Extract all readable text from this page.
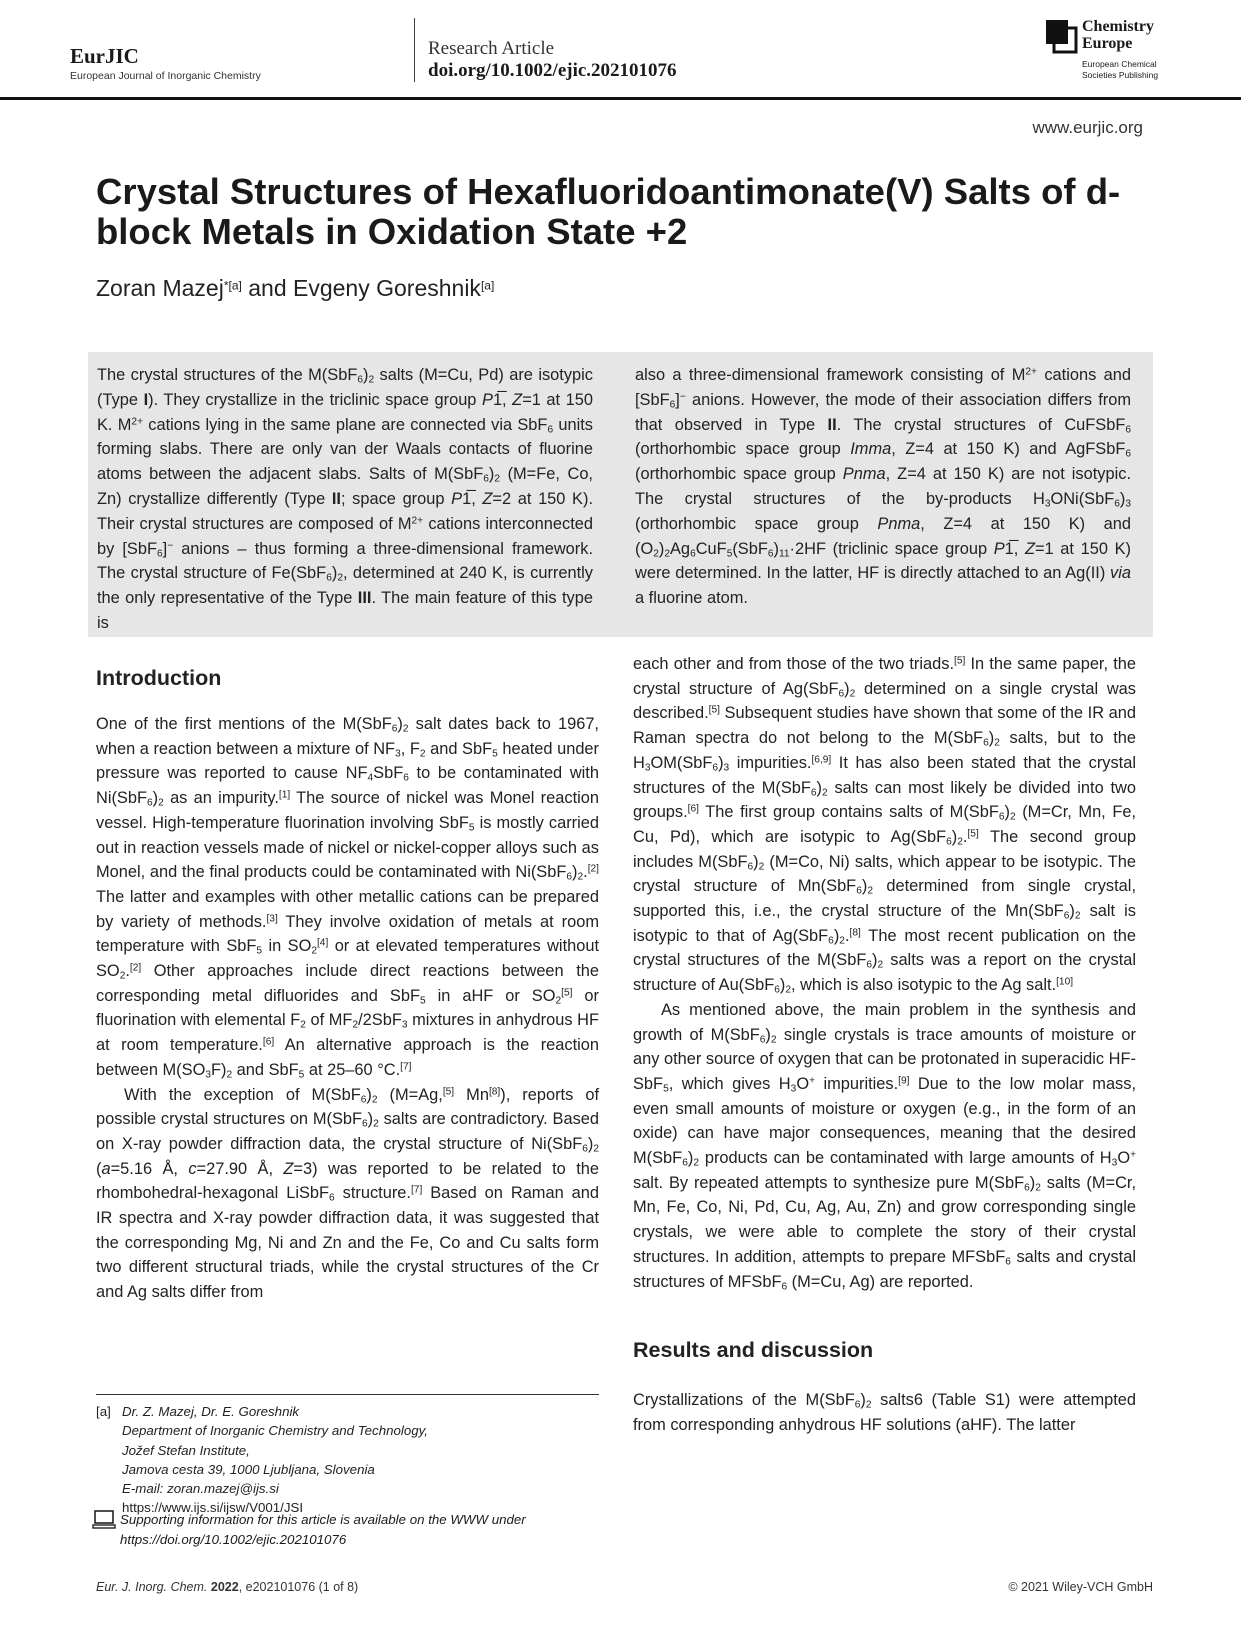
EurJIC
European Journal of Inorganic Chemistry
Research Article
doi.org/10.1002/ejic.202101076
Chemistry
Europe
European Chemical
Societies Publishing
www.eurjic.org
Crystal Structures of Hexafluoridoantimonate(V) Salts of d-block Metals in Oxidation State +2
Zoran Mazej$^{*[a]}$ and Evgeny Goreshnik[a]
The crystal structures of the $M(SbF_6)_2$ salts (M=Cu, Pd) are isotypic (Type I). They crystallize in the triclinic space group P1̅, Z=1 at 150 K. $M^{2+}$ cations lying in the same plane are connected via SbF$_6$ units forming slabs. There are only van der Waals contacts of fluorine atoms between the adjacent slabs. Salts of $M(SbF_6)_2$ (M=Fe, Co, Zn) crystallize differently (Type II; space group P1̅, Z=2 at 150 K). Their crystal structures are composed of $M^{2+}$ cations interconnected by [SbF$_6$]− anions – thus forming a three-dimensional framework. The crystal structure of $Fe(SbF_6)_2$, determined at 240 K, is currently the only representative of the Type III. The main feature of this type is
also a three-dimensional framework consisting of $M^{2+}$ cations and [SbF$_6$]− anions. However, the mode of their association differs from that observed in Type II. The crystal structures of CuFSbF$_6$ (orthorhombic space group Imma, Z=4 at 150 K) and AgFSbF$_6$ (orthorhombic space group Pnma, Z=4 at 150 K) are not isotypic. The crystal structures of the by-products $H_3ONi(SbF_6)_3$ (orthorhombic space group Pnma, Z=4 at 150 K) and $(O_2)_2Ag_6CuF_5(SbF_6)_{11}\cdot 2HF$ (triclinic space group P1̅, Z=1 at 150 K) were determined. In the latter, HF is directly attached to an Ag(II) via a fluorine atom.

Introduction

One of the first mentions of the $M(SbF_6)_2$ salt dates back to 1967, when a reaction between a mixture of $NF_3$, $F_2$ and SbF$_5$ heated under pressure was reported to cause $NF_4SbF_6$ to be contaminated with $Ni(SbF_6)_2$ as an impurity.[1] The source of nickel was Monel reaction vessel. High-temperature fluorination involving SbF$_5$ is mostly carried out in reaction vessels made of nickel or nickel-copper alloys such as Monel, and the final products could be contaminated with $Ni(SbF_6)_2.[2]$ The latter and examples with other metallic cations can be prepared by variety of methods.[3] They involve oxidation of metals at room temperature with SbF$_5$ in $SO_2[4]$ or at elevated temperatures without $SO_2.[2]$ Other approaches include direct reactions between the corresponding metal difluorides and SbF$_5$ in aHF or $SO_2[5]$ or fluorination with elemental $F_2$ of $MF_2/2SbF_3$ mixtures in anhydrous HF at room temperature.[6] An alternative approach is the reaction between $M(SO_3F)_2$ and SbF$_5$ at 25–60 °C.[7]

With the exception of $M(SbF_6)_2$ (M=Ag,[5] Mn[8]), reports of possible crystal structures on $M(SbF_6)_2$ salts are contradictory. Based on X-ray powder diffraction data, the crystal structure of $Ni(SbF_6)_2$ (a=5.16 Å, c=27.90 Å, Z=3) was reported to be related to the rhombohedral-hexagonal LiSbF$_6$ structure.[7] Based on Raman and IR spectra and X-ray powder diffraction data, it was suggested that the corresponding Mg, Ni and Zn and the Fe, Co and Cu salts form two different structural triads, while the crystal structures of the Cr and Ag salts differ from

[a] Dr. Z. Mazej, Dr. E. Goreshnik
Department of Inorganic Chemistry and Technology,
Jožef Stefan Institute,
Jamova cesta 39, 1000 Ljubljana, Slovenia
E-mail: zoran.mazej@ijs.si
https://www.ijs.si/ijsw/V001/JSI
Supporting information for this article is available on the WWW under
https://doi.org/10.1002/ejic.202101076

each other and from those of the two triads.[5] In the same paper, the crystal structure of $Ag(SbF_6)_2$ determined on a single crystal was described.[5] Subsequent studies have shown that some of the IR and Raman spectra do not belong to the $M(SbF_6)_2$ salts, but to the $H_3OM(SbF_6)_3$ impurities.[6,9] It has also been stated that the crystal structures of the $M(SbF_6)_2$ salts can most likely be divided into two groups.[6] The first group contains salts of $M(SbF_6)_2$ (M=Cr, Mn, Fe, Cu, Pd), which are isotypic to $Ag(SbF_6)_2.[5]$ The second group includes $M(SbF_6)_2$ (M=Co, Ni) salts, which appear to be isotypic. The crystal structure of $Mn(SbF_6)_2$ determined from single crystal, supported this, i.e., the crystal structure of the $Mn(SbF_6)_2$ salt is isotypic to that of $Ag(SbF_6)_2.[8]$ The most recent publication on the crystal structures of the $M(SbF_6)_2$ salts was a report on the crystal structure of $Au(SbF_6)_2$, which is also isotypic to the Ag salt.[10]

As mentioned above, the main problem in the synthesis and growth of $M(SbF_6)_2$ single crystals is trace amounts of moisture or any other source of oxygen that can be protonated in superacidic HF-SbF$_5$, which gives $H_3O^+$ impurities.[9] Due to the low molar mass, even small amounts of moisture or oxygen (e.g., in the form of an oxide) can have major consequences, meaning that the desired $M(SbF_6)_2$ products can be contaminated with large amounts of $H_3O^+$ salt. By repeated attempts to synthesize pure $M(SbF_6)_2$ salts (M=Cr, Mn, Fe, Co, Ni, Pd, Cu, Ag, Au, Zn) and grow corresponding single crystals, we were able to complete the story of their crystal structures. In addition, attempts to prepare MFSbF$_6$ salts and crystal structures of MFSbF$_6$ (M=Cu, Ag) are reported.

Results and discussion

Crystallizations of the $M(SbF_6)_2$ salts6 (Table S1) were attempted from corresponding anhydrous HF solutions (aHF). The latter

Eur. J. Inorg. Chem. 2022, e202101076 (1 of 8)	© 2021 Wiley-VCH GmbH
